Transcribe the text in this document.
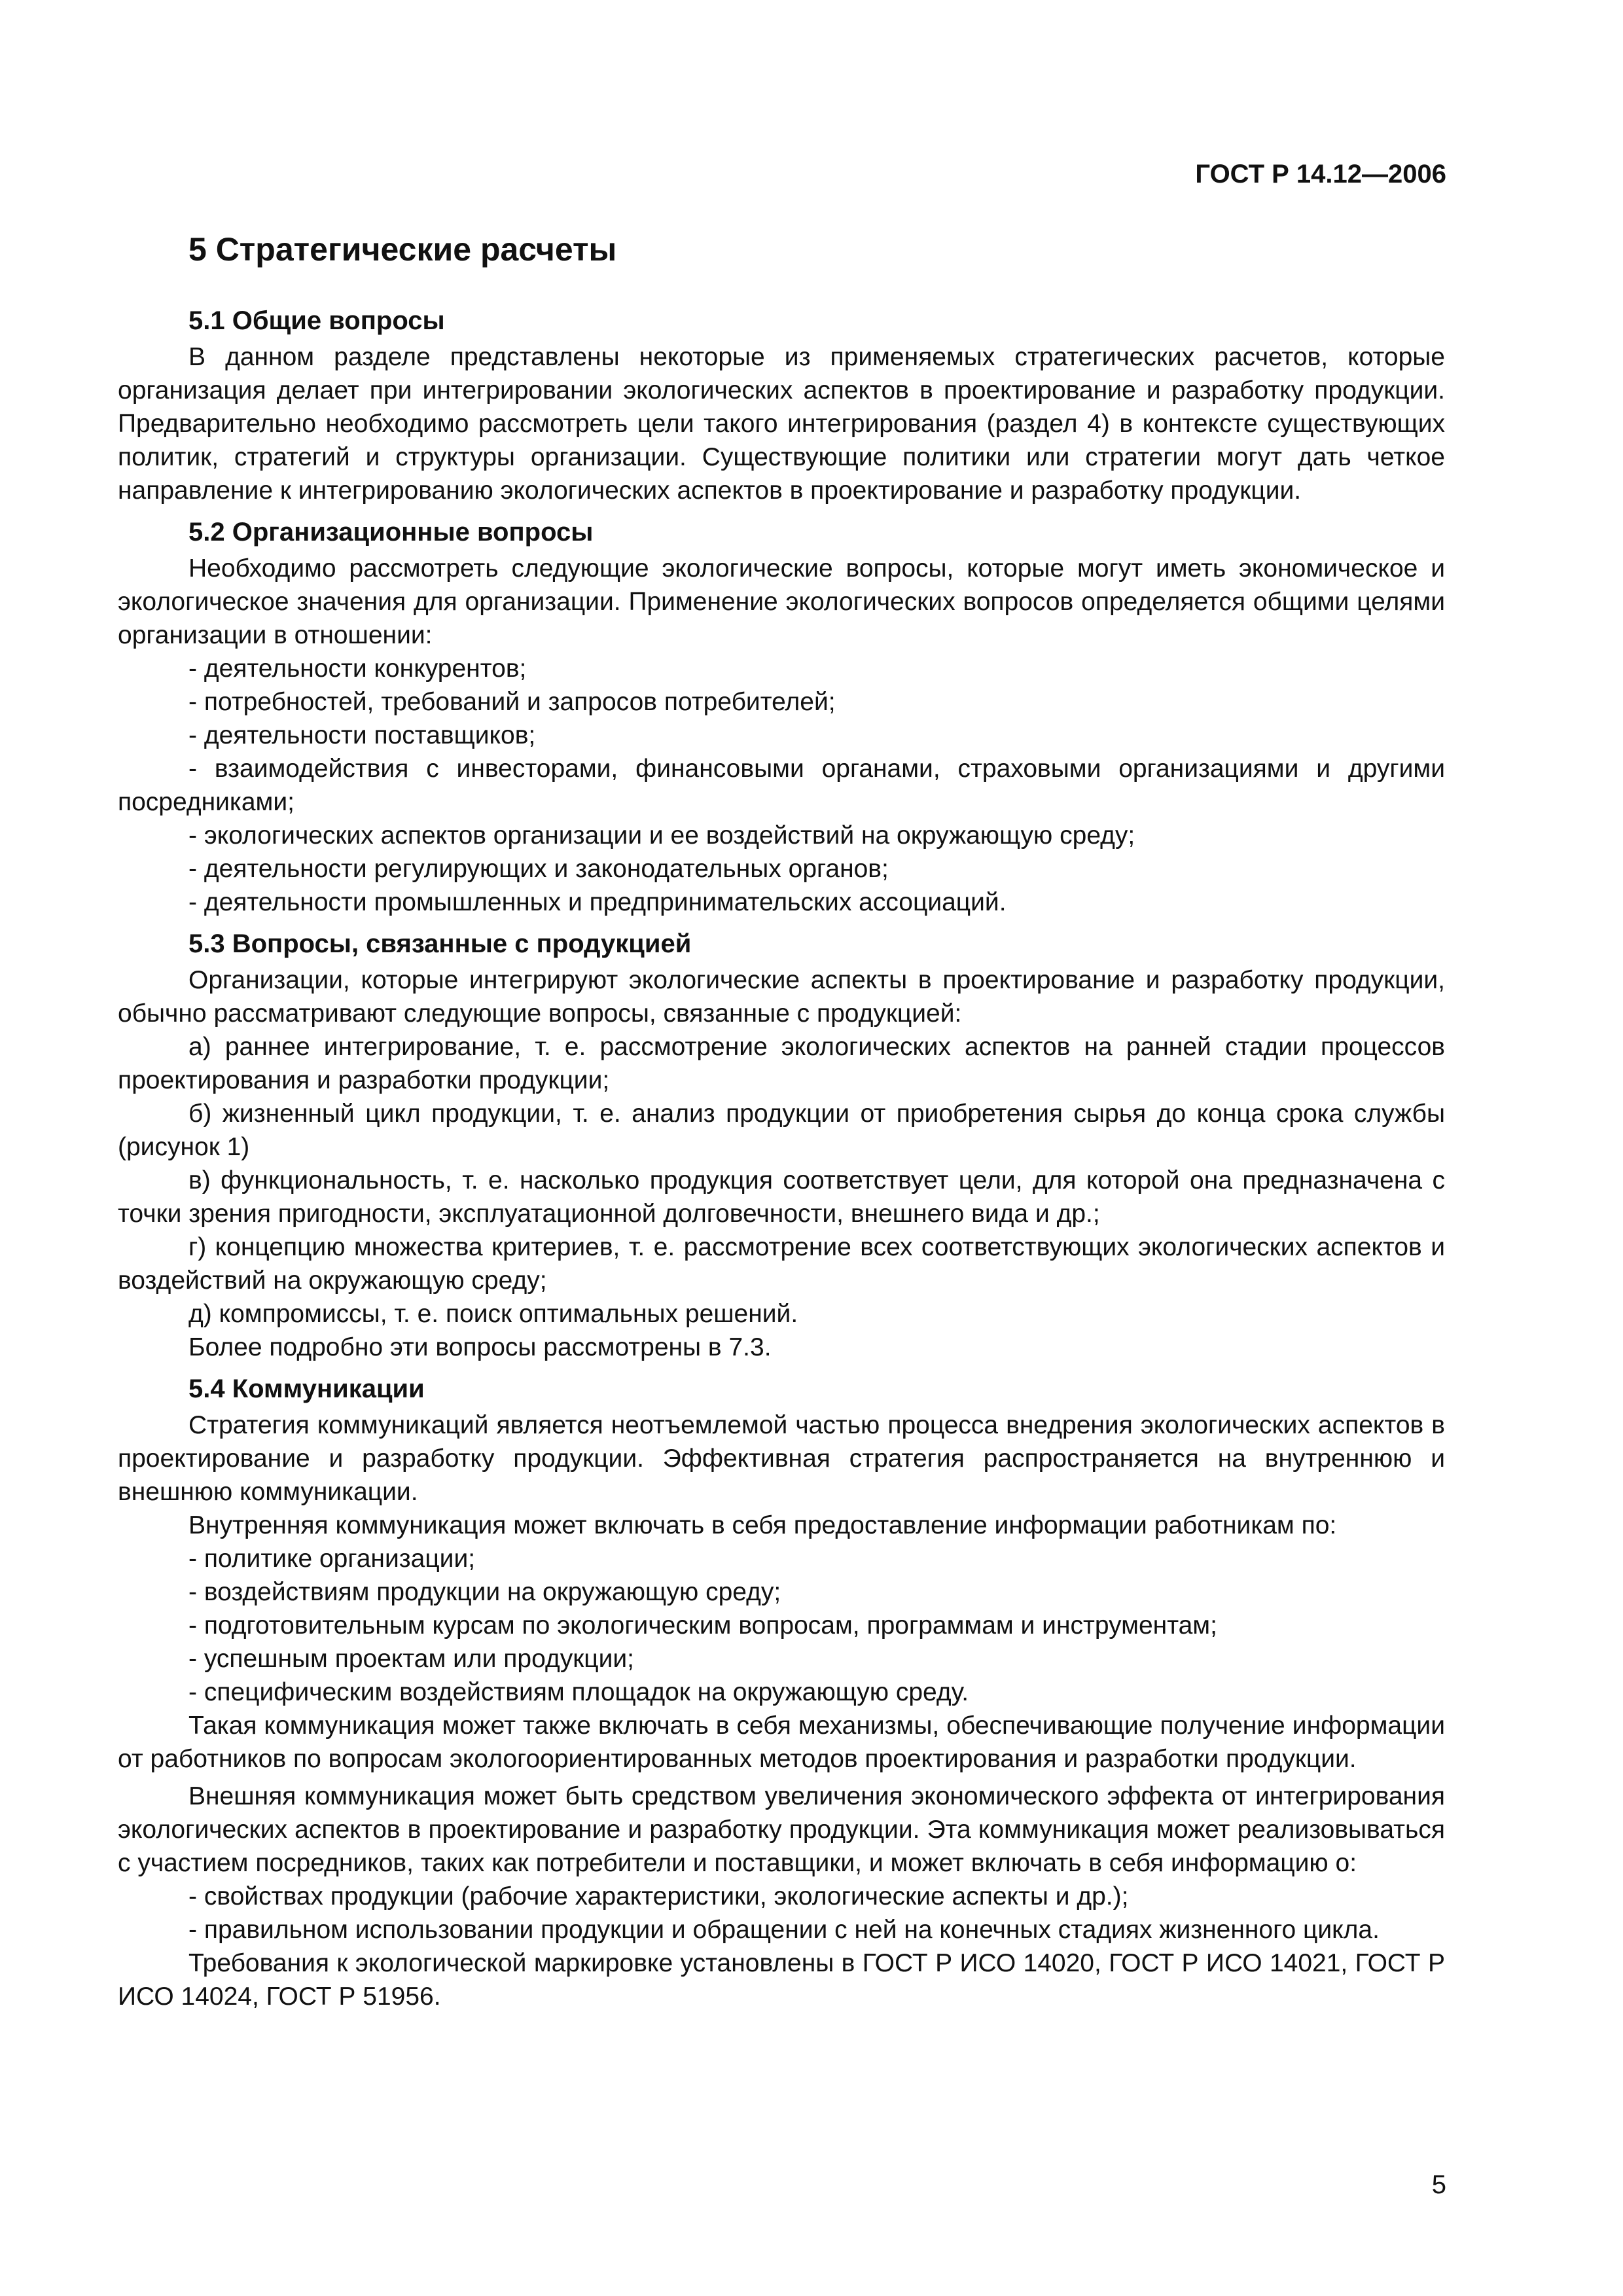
ГОСТ Р 14.12—2006
5 Стратегические расчеты
5.1 Общие вопросы

В данном разделе представлены некоторые из применяемых стратегических расчетов, которые организация делает при интегрировании экологических аспектов в проектирование и разработку продукции. Предварительно необходимо рассмотреть цели такого интегрирования (раздел 4) в контексте существующих политик, стратегий и структуры организации. Существующие политики или стратегии могут дать четкое направление к интегрированию экологических аспектов в проектирование и разработку продукции.

5.2 Организационные вопросы

Необходимо рассмотреть следующие экологические вопросы, которые могут иметь экономическое и экологическое значения для организации. Применение экологических вопросов определяется общими целями организации в отношении:

- деятельности конкурентов;

- потребностей, требований и запросов потребителей;

- деятельности поставщиков;

- взаимодействия с инвесторами, финансовыми органами, страховыми организациями и другими посредниками;

- экологических аспектов организации и ее воздействий на окружающую среду;

- деятельности регулирующих и законодательных органов;

- деятельности промышленных и предпринимательских ассоциаций.

5.3 Вопросы, связанные с продукцией

Организации, которые интегрируют экологические аспекты в проектирование и разработку продукции, обычно рассматривают следующие вопросы, связанные с продукцией:

а) раннее интегрирование, т. е. рассмотрение экологических аспектов на ранней стадии процессов проектирования и разработки продукции;

б) жизненный цикл продукции, т. е. анализ продукции от приобретения сырья до конца срока службы (рисунок 1)

в) функциональность, т. е. насколько продукция соответствует цели, для которой она предназначена с точки зрения пригодности, эксплуатационной долговечности, внешнего вида и др.;

г) концепцию множества критериев, т. е. рассмотрение всех соответствующих экологических аспектов и воздействий на окружающую среду;

д) компромиссы, т. е. поиск оптимальных решений.

Более подробно эти вопросы рассмотрены в 7.3.

5.4 Коммуникации

Стратегия коммуникаций является неотъемлемой частью процесса внедрения экологических аспектов в проектирование и разработку продукции. Эффективная стратегия распространяется на внутреннюю и внешнюю коммуникации.

Внутренняя коммуникация может включать в себя предоставление информации работникам по:

- политике организации;

- воздействиям продукции на окружающую среду;

- подготовительным курсам по экологическим вопросам, программам и инструментам;

- успешным проектам или продукции;

- специфическим воздействиям площадок на окружающую среду.

Такая коммуникация может также включать в себя механизмы, обеспечивающие получение информации от работников по вопросам экологоориентированных методов проектирования и разработки продукции.

Внешняя коммуникация может быть средством увеличения экономического эффекта от интегрирования экологических аспектов в проектирование и разработку продукции. Эта коммуникация может реализовываться с участием посредников, таких как потребители и поставщики, и может включать в себя информацию о:

- свойствах продукции (рабочие характеристики, экологические аспекты и др.);

- правильном использовании продукции и обращении с ней на конечных стадиях жизненного цикла.

Требования к экологической маркировке установлены в ГОСТ Р ИСО 14020, ГОСТ Р ИСО 14021, ГОСТ Р ИСО 14024, ГОСТ Р 51956.

5
